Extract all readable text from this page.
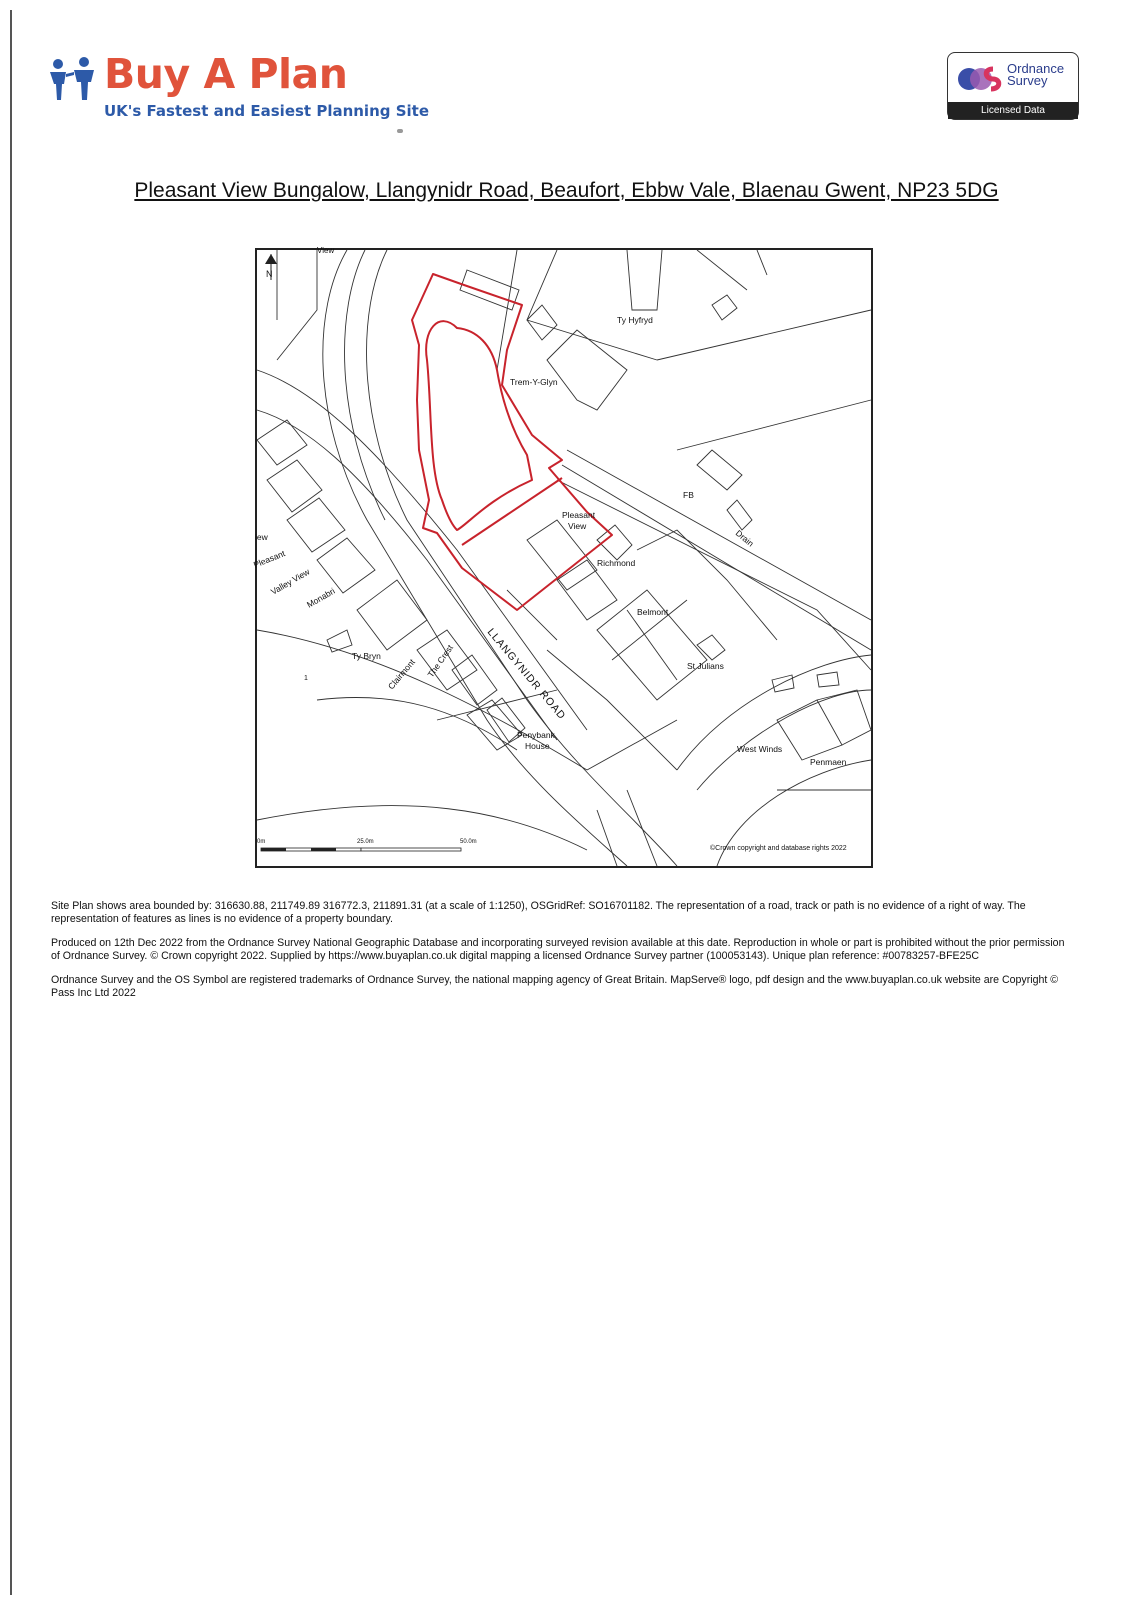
Buy A Plan
UK's Fastest and Easiest Planning Site
Ordnance
Survey
Licensed Data
Pleasant View Bungalow, Llangynidr Road, Beaufort, Ebbw Vale, Blaenau Gwent, NP23 5DG
N
View
Ty Hyfryd
Trem-Y-Glyn
FB
Drain
Pleasant
View
Richmond
Belmont
St Julians
West Winds
Penmaen
Penybank
House
Ty Bryn
Clairmont The Crest
Monabri
Valley View
Pleasant
iew
1	LLANGYNIDR ROAD
0m	25.0m	50.0m
©Crown copyright and database rights 2022

Site Plan shows area bounded by: 316630.88, 211749.89 316772.3, 211891.31 (at a scale of 1:1250), OSGridRef: SO16701182. The representation of a road, track or path is no evidence of a right of way. The representation of features as lines is no evidence of a property boundary.

Produced on 12th Dec 2022 from the Ordnance Survey National Geographic Database and incorporating surveyed revision available at this date. Reproduction in whole or part is prohibited without the prior permission of Ordnance Survey. © Crown copyright 2022. Supplied by https://www.buyaplan.co.uk digital mapping a licensed Ordnance Survey partner (100053143). Unique plan reference: #00783257-BFE25C

Ordnance Survey and the OS Symbol are registered trademarks of Ordnance Survey, the national mapping agency of Great Britain. MapServe® logo, pdf design and the www.buyaplan.co.uk website are Copyright © Pass Inc Ltd 2022
